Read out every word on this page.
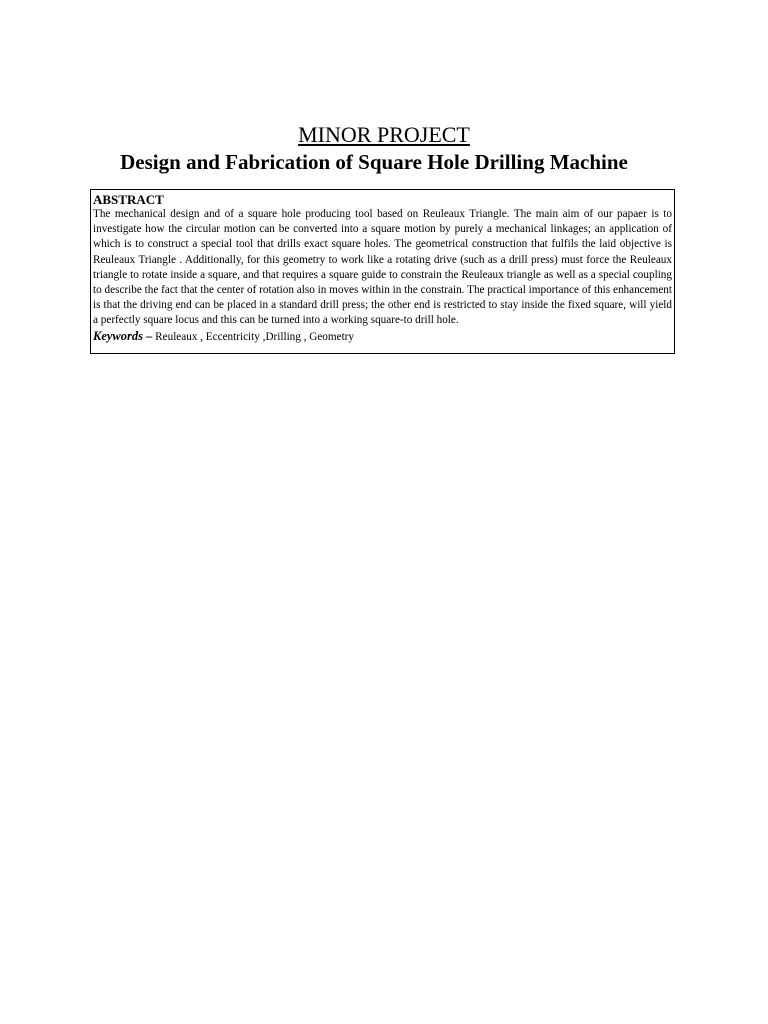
MINOR PROJECT
Design and Fabrication of Square Hole Drilling Machine
ABSTRACT

The mechanical design and of a square hole producing tool based on Reuleaux Triangle. The main aim of our papaer is to investigate how the circular motion can be converted into a square motion by purely a mechanical linkages; an application of which is to construct a special tool that drills exact square holes. The geometrical construction that fulfils the laid objective is Reuleaux Triangle . Additionally, for this geometry to work like a rotating drive (such as a drill press) must force the Reuleaux triangle to rotate inside a square, and that requires a square guide to constrain the Reuleaux triangle as well as a special coupling to describe the fact that the center of rotation also in moves within in the constrain. The practical importance of this enhancement is that the driving end can be placed in a standard drill press; the other end is restricted to stay inside the fixed square, will yield a perfectly square locus and this can be turned into a working square-to drill hole.

Keywords – Reuleaux , Eccentricity ,Drilling , Geometry
